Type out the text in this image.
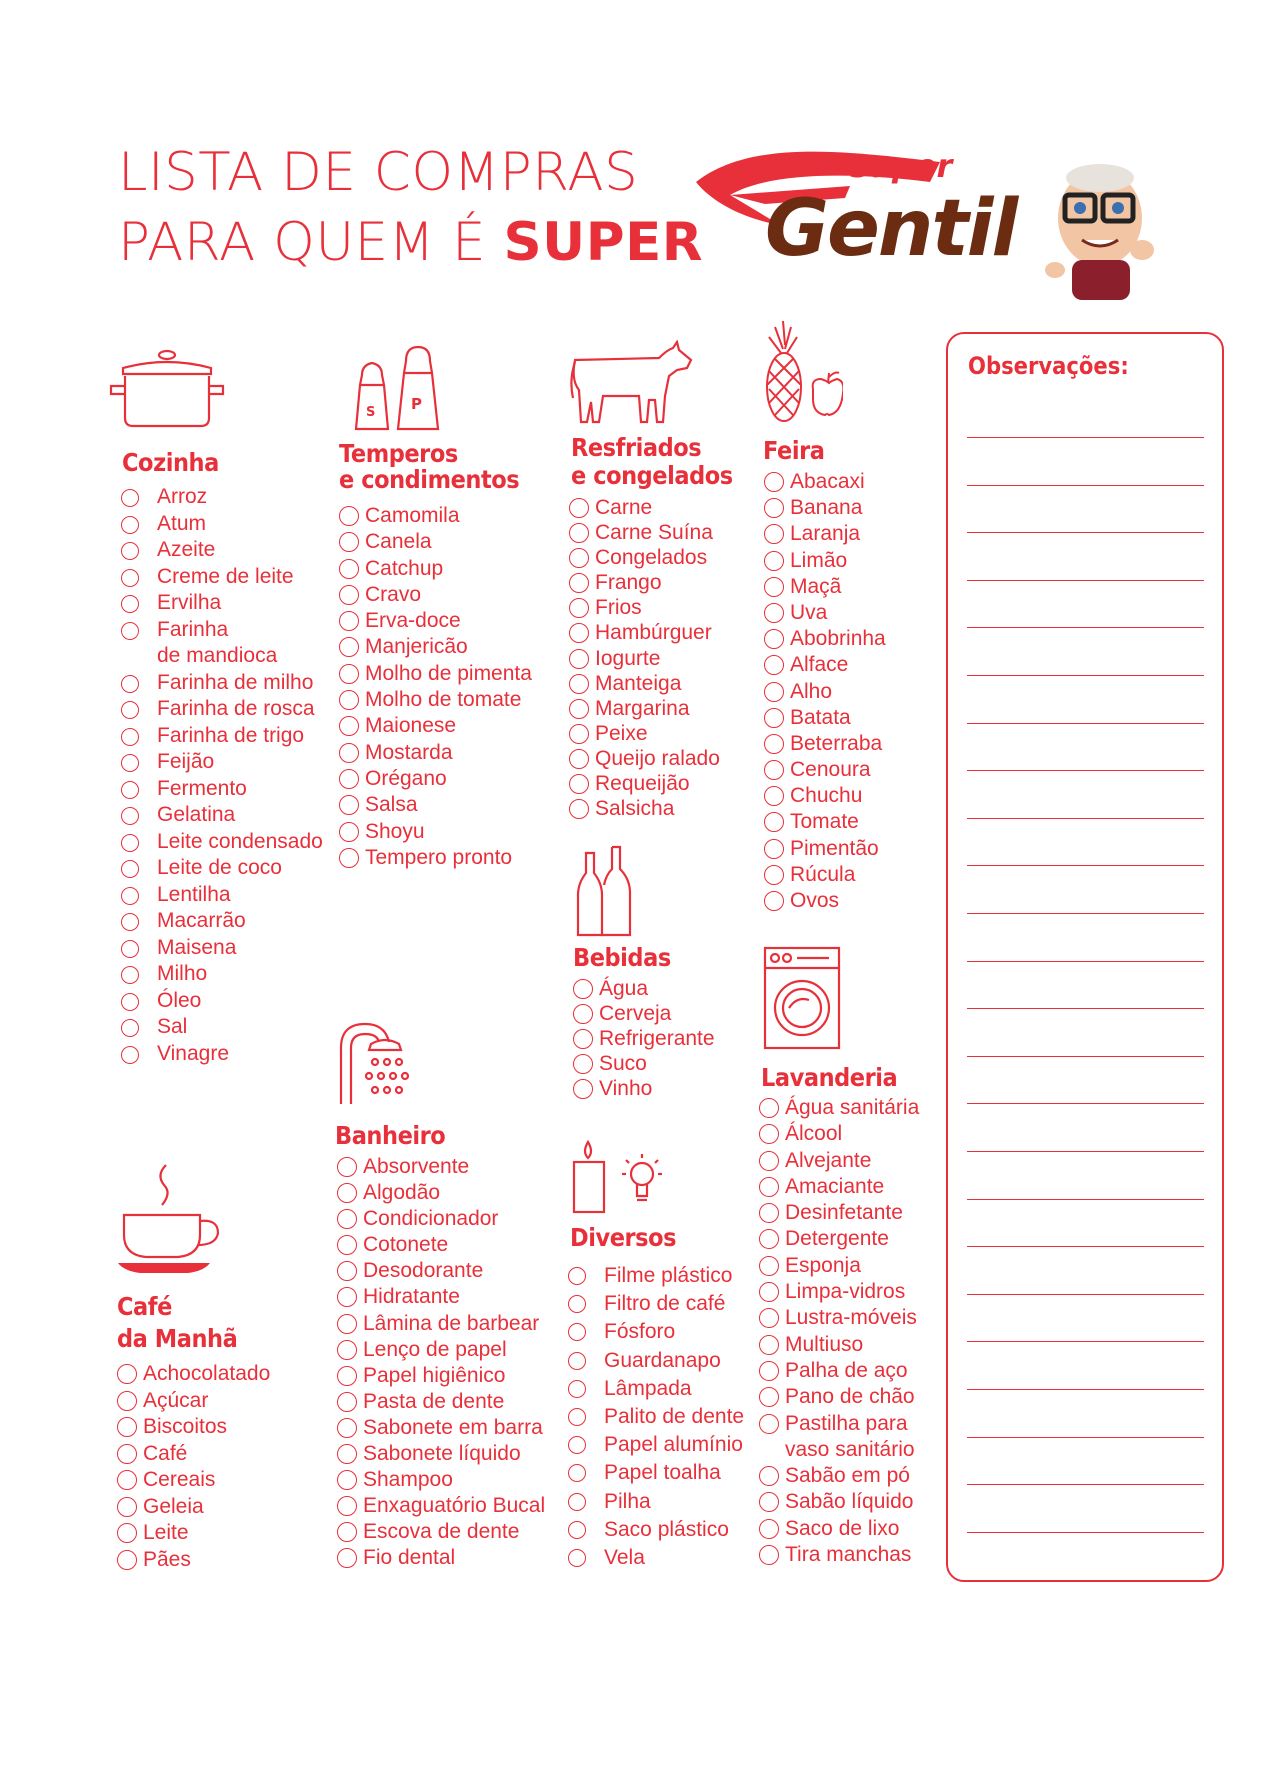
LISTA DE COMPRAS
PARA QUEM É SUPER
super
Gentil
Cozinha
Arroz
Atum
Azeite
Creme de leite
Ervilha
Farinha
de mandioca
Farinha de milho
Farinha de rosca
Farinha de trigo
Feijão
Fermento
Gelatina
Leite condensado
Leite de coco
Lentilha
Macarrão
Maisena
Milho
Óleo
Sal
Vinagre
Café
da Manhã
Achocolatado
Açúcar
Biscoitos
Café
Cereais
Geleia
Leite
Pães
S P
Temperos
e condimentos
Camomila
Canela
Catchup
Cravo
Erva-doce
Manjericão
Molho de pimenta
Molho de tomate
Maionese
Mostarda
Orégano
Salsa
Shoyu
Tempero pronto
Banheiro
Absorvente
Algodão
Condicionador
Cotonete
Desodorante
Hidratante
Lâmina de barbear
Lenço de papel
Papel higiênico
Pasta de dente
Sabonete em barra
Sabonete líquido
Shampoo
Enxaguatório Bucal
Escova de dente
Fio dental
Resfriados
e congelados
Carne
Carne Suína
Congelados
Frango
Frios
Hambúrguer
Iogurte
Manteiga
Margarina
Peixe
Queijo ralado
Requeijão
Salsicha
Bebidas
Água
Cerveja
Refrigerante
Suco
Vinho
Diversos
Filme plástico
Filtro de café
Fósforo
Guardanapo
Lâmpada
Palito de dente
Papel alumínio
Papel toalha
Pilha
Saco plástico
Vela
Feira
Abacaxi
Banana
Laranja
Limão
Maçã
Uva
Abobrinha
Alface
Alho
Batata
Beterraba
Cenoura
Chuchu
Tomate
Pimentão
Rúcula
Ovos
Lavanderia
Água sanitária
Álcool
Alvejante
Amaciante
Desinfetante
Detergente
Esponja
Limpa-vidros
Lustra-móveis
Multiuso
Palha de aço
Pano de chão
Pastilha para
vaso sanitário
Sabão em pó
Sabão líquido
Saco de lixo
Tira manchas
Observações:
